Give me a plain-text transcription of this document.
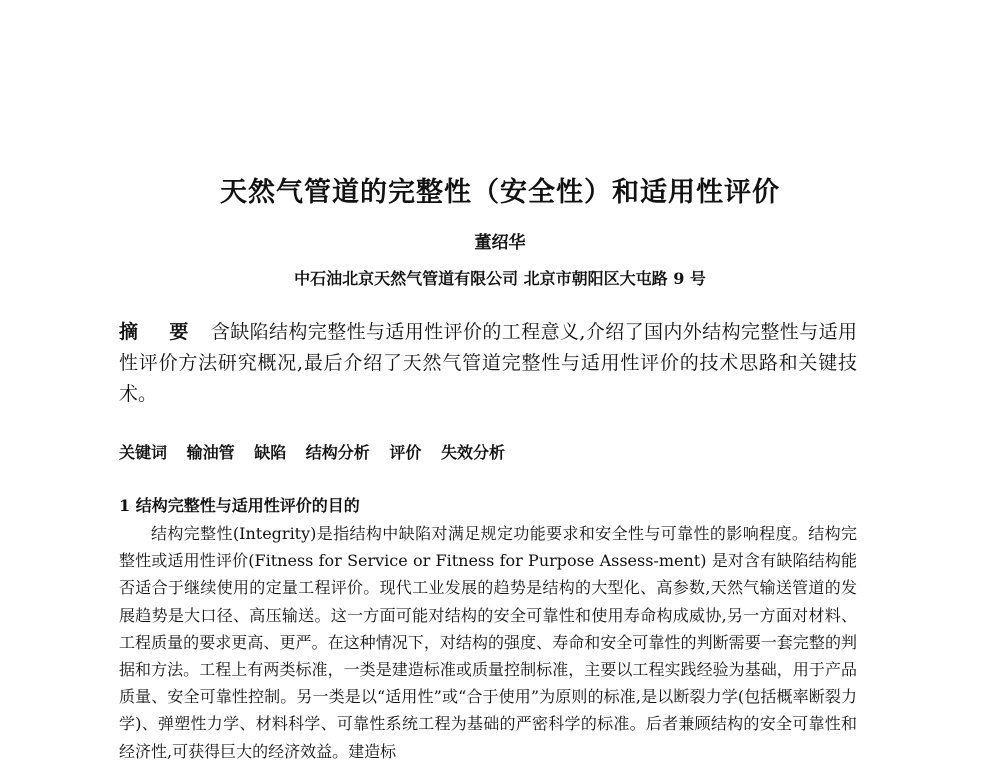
天然气管道的完整性（安全性）和适用性评价
董绍华
中石油北京天然气管道有限公司 北京市朝阳区大屯路 9 号
摘 要 含缺陷结构完整性与适用性评价的工程意义,介绍了国内外结构完整性与适用性评价方法研究概况,最后介绍了天然气管道完整性与适用性评价的技术思路和关键技术。
关键词 输油管 缺陷 结构分析 评价 失效分析
1 结构完整性与适用性评价的目的
结构完整性(Integrity)是指结构中缺陷对满足规定功能要求和安全性与可靠性的影响程度。结构完整性或适用性评价(Fitness for Service or Fitness for Purpose Assess-ment) 是对含有缺陷结构能否适合于继续使用的定量工程评价。现代工业发展的趋势是结构的大型化、高参数,天然气输送管道的发展趋势是大口径、高压输送。这一方面可能对结构的安全可靠性和使用寿命构成威协,另一方面对材料、工程质量的要求更高、更严。在这种情况下，对结构的强度、寿命和安全可靠性的判断需要一套完整的判据和方法。工程上有两类标准，一类是建造标准或质量控制标准，主要以工程实践经验为基础，用于产品质量、安全可靠性控制。另一类是以“适用性”或“合于使用”为原则的标准,是以断裂力学(包括概率断裂力学)、弹塑性力学、材料科学、可靠性系统工程为基础的严密科学的标准。后者兼顾结构的安全可靠性和经济性,可获得巨大的经济效益。建造标
